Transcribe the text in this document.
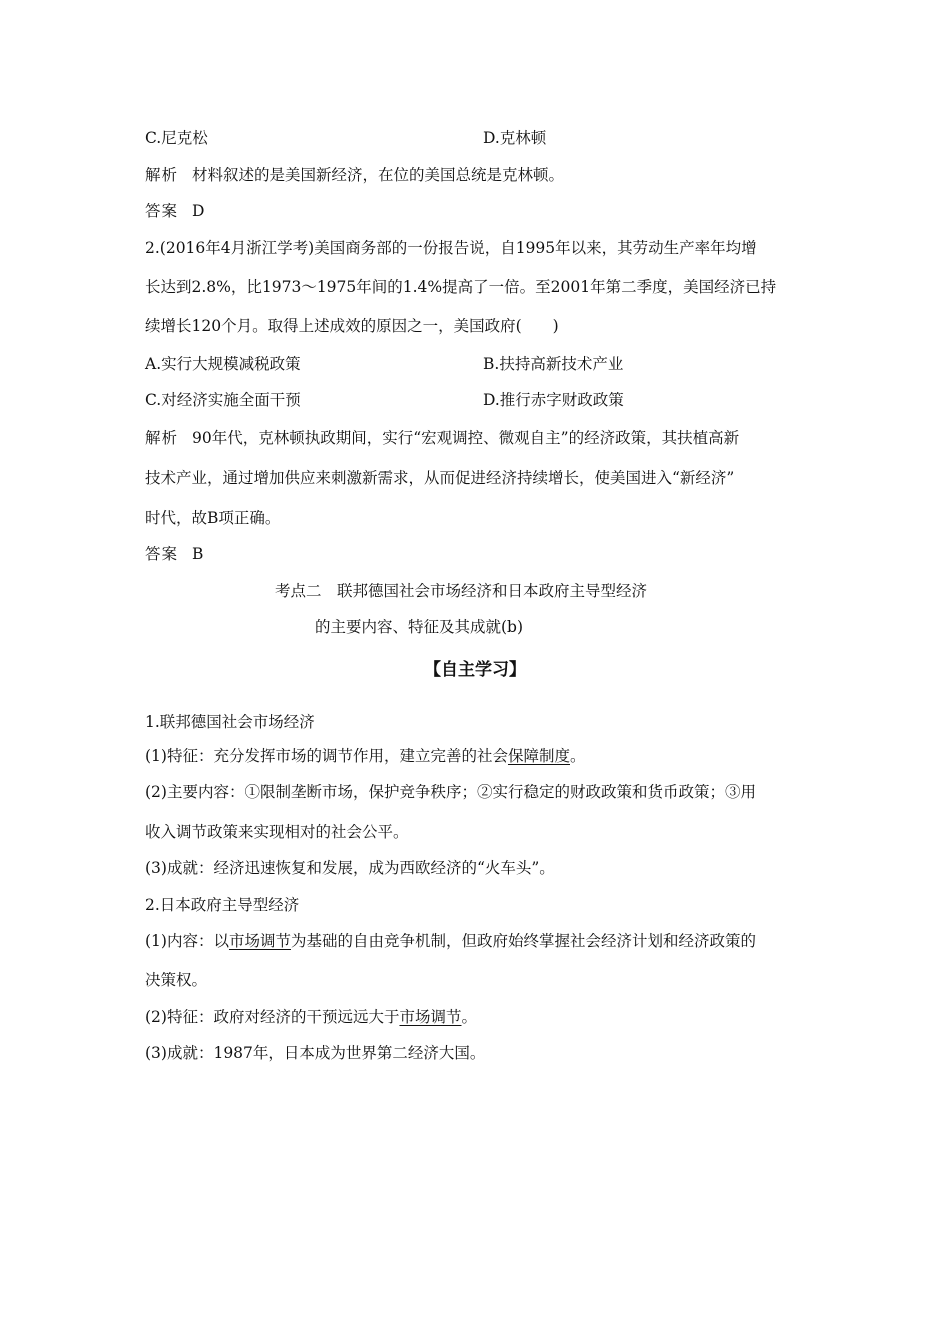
C.尼克松	D.克林顿
解析 材料叙述的是美国新经济，在位的美国总统是克林顿。
答案 D
2.(2016年4月浙江学考)美国商务部的一份报告说，自1995年以来，其劳动生产率年均增
长达到2.8%，比1973～1975年间的1.4%提高了一倍。至2001年第二季度，美国经济已持
续增长120个月。取得上述成效的原因之一，美国政府(　　)
A.实行大规模减税政策	B.扶持高新技术产业
C.对经济实施全面干预	D.推行赤字财政政策
解析 90年代，克林顿执政期间，实行“宏观调控、微观自主”的经济政策，其扶植高新
技术产业，通过增加供应来刺激新需求，从而促进经济持续增长，使美国进入“新经济”
时代，故B项正确。
答案 B
考点二　联邦德国社会市场经济和日本政府主导型经济
的主要内容、特征及其成就(b)
【自主学习】
1.联邦德国社会市场经济
(1)特征：充分发挥市场的调节作用，建立完善的社会保障制度。
(2)主要内容：①限制垄断市场，保护竞争秩序；②实行稳定的财政政策和货币政策；③用
收入调节政策来实现相对的社会公平。
(3)成就：经济迅速恢复和发展，成为西欧经济的“火车头”。
2.日本政府主导型经济
(1)内容：以市场调节为基础的自由竞争机制，但政府始终掌握社会经济计划和经济政策的
决策权。
(2)特征：政府对经济的干预远远大于市场调节。
(3)成就：1987年，日本成为世界第二经济大国。
